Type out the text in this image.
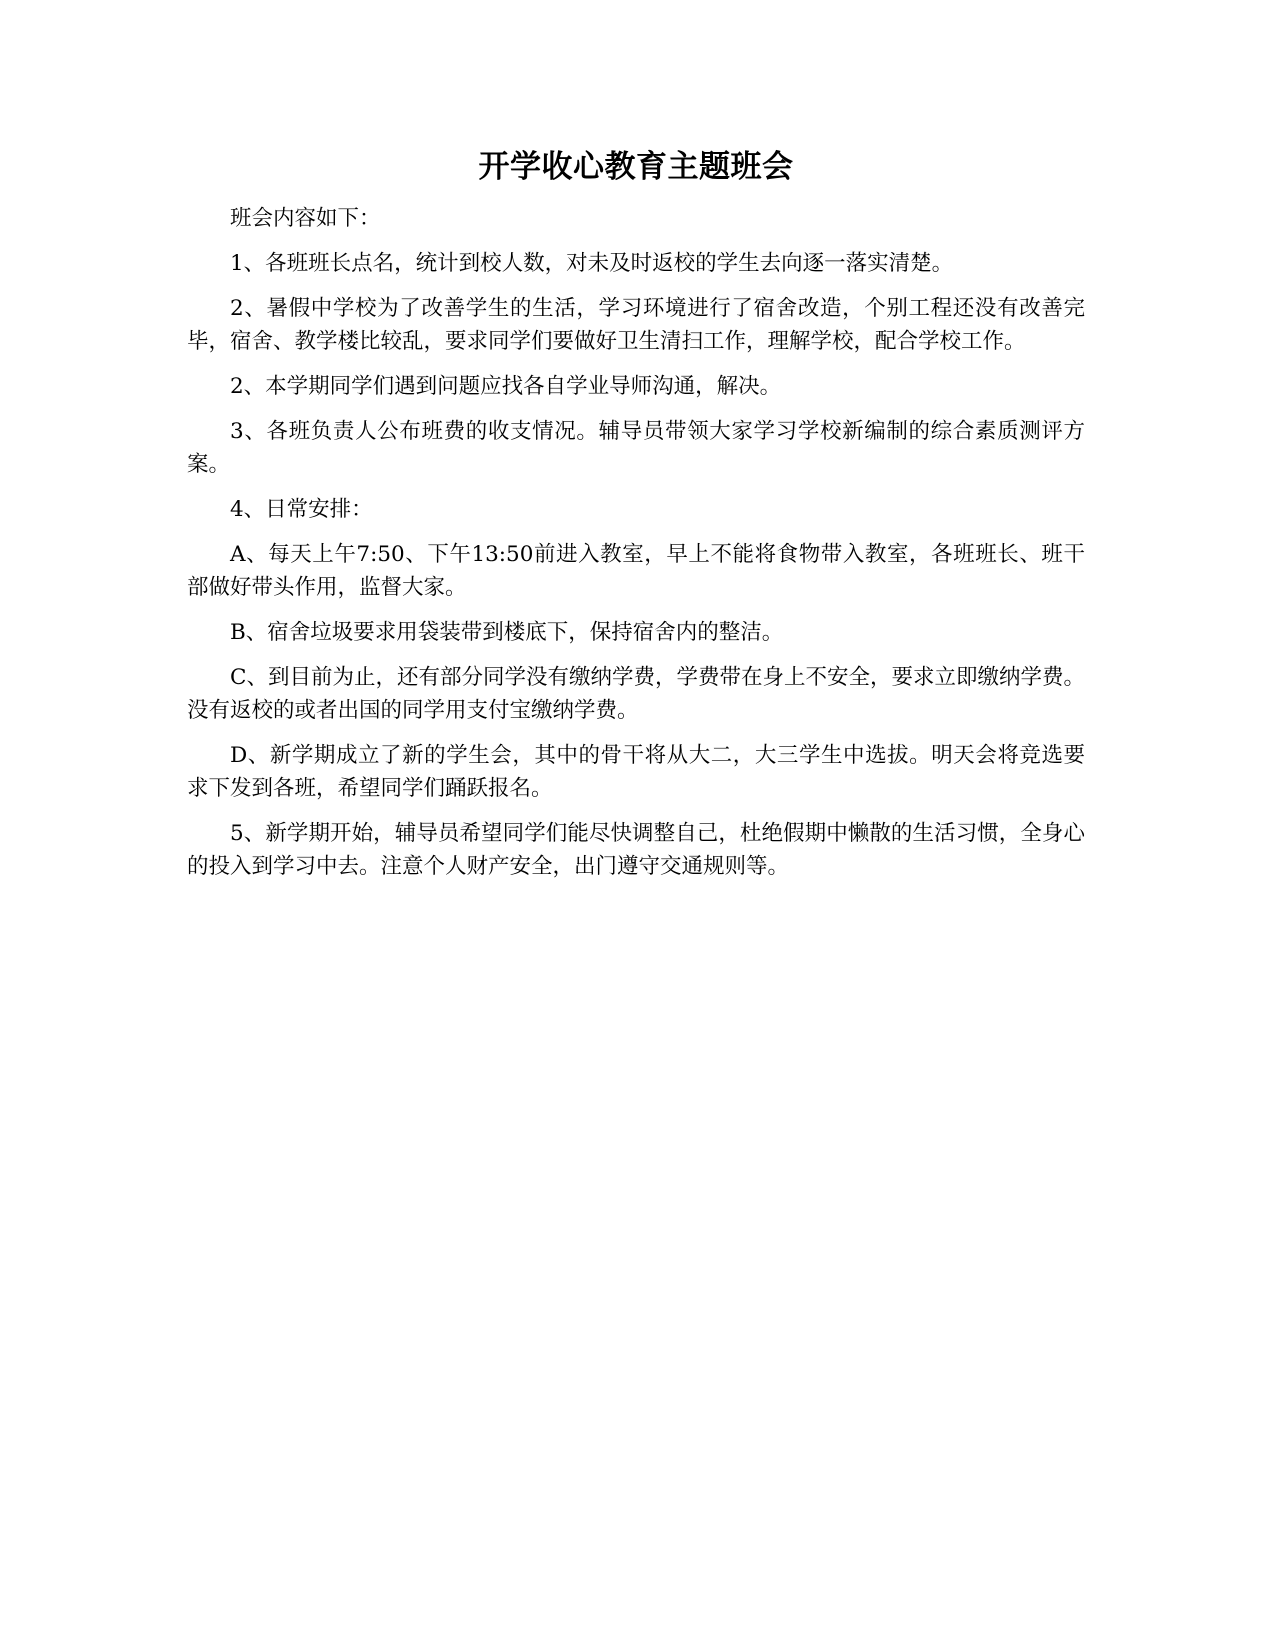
开学收心教育主题班会

班会内容如下：

1、各班班长点名，统计到校人数，对未及时返校的学生去向逐一落实清楚。

2、暑假中学校为了改善学生的生活，学习环境进行了宿舍改造，个别工程还没有改善完毕，宿舍、教学楼比较乱，要求同学们要做好卫生清扫工作，理解学校，配合学校工作。

2、本学期同学们遇到问题应找各自学业导师沟通，解决。

3、各班负责人公布班费的收支情况。辅导员带领大家学习学校新编制的综合素质测评方案。

4、日常安排：

A、每天上午7:50、下午13:50前进入教室，早上不能将食物带入教室，各班班长、班干部做好带头作用，监督大家。

B、宿舍垃圾要求用袋装带到楼底下，保持宿舍内的整洁。

C、到目前为止，还有部分同学没有缴纳学费，学费带在身上不安全，要求立即缴纳学费。没有返校的或者出国的同学用支付宝缴纳学费。

D、新学期成立了新的学生会，其中的骨干将从大二，大三学生中选拔。明天会将竞选要求下发到各班，希望同学们踊跃报名。

5、新学期开始，辅导员希望同学们能尽快调整自己，杜绝假期中懒散的生活习惯，全身心的投入到学习中去。注意个人财产安全，出门遵守交通规则等。
